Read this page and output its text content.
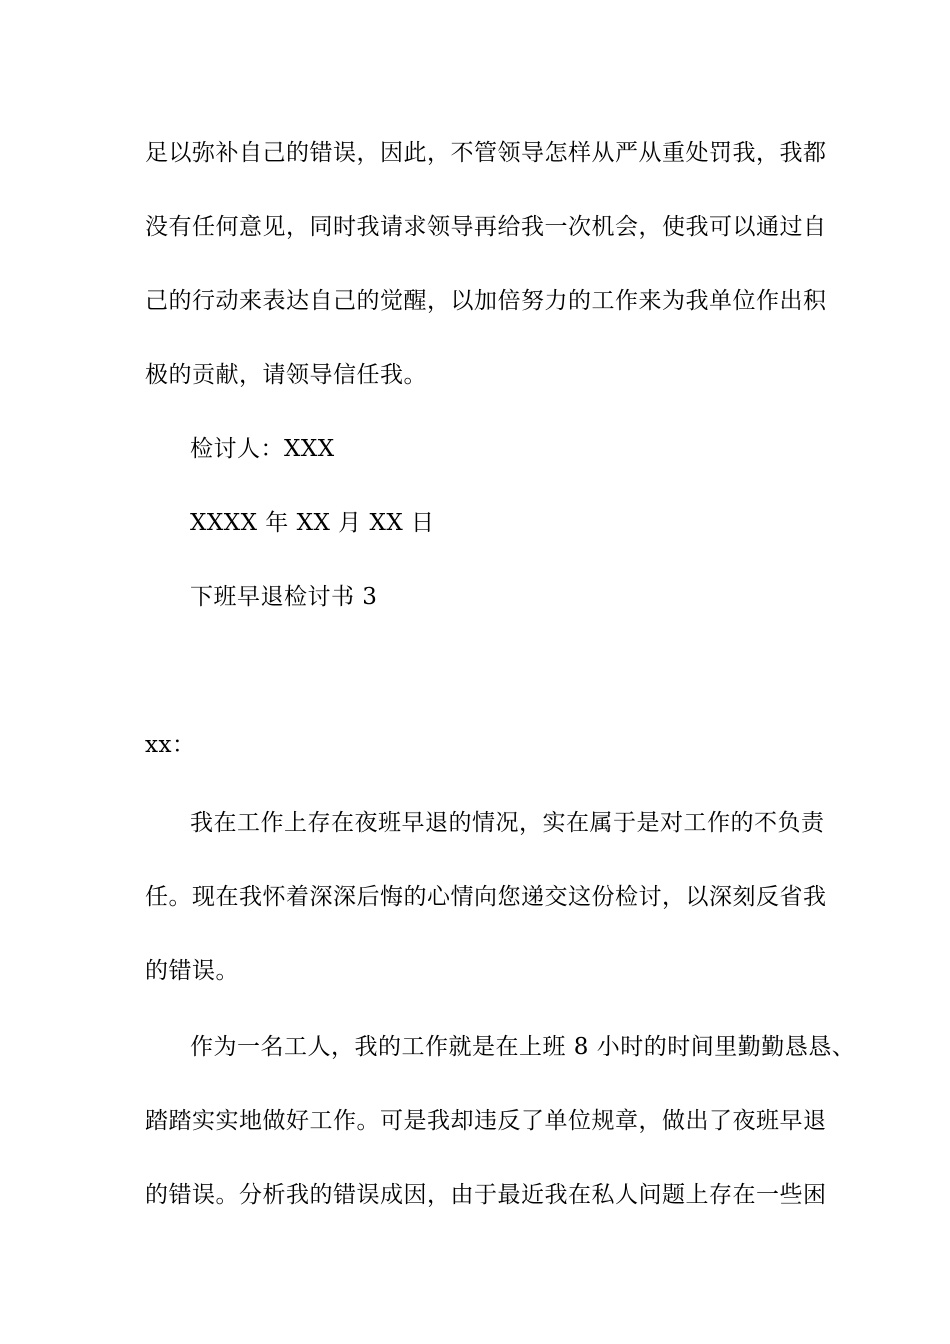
足以弥补自己的错误，因此，不管领导怎样从严从重处罚我，我都
没有任何意见，同时我请求领导再给我一次机会，使我可以通过自
己的行动来表达自己的觉醒，以加倍努力的工作来为我单位作出积
极的贡献，请领导信任我。
检讨人：XXX
XXXX 年 XX 月 XX 日
下班早退检讨书 3
xx：
我在工作上存在夜班早退的情况，实在属于是对工作的不负责
任。现在我怀着深深后悔的心情向您递交这份检讨，以深刻反省我
的错误。
作为一名工人，我的工作就是在上班 8 小时的时间里勤勤恳恳、
踏踏实实地做好工作。可是我却违反了单位规章，做出了夜班早退
的错误。分析我的错误成因，由于最近我在私人问题上存在一些困
